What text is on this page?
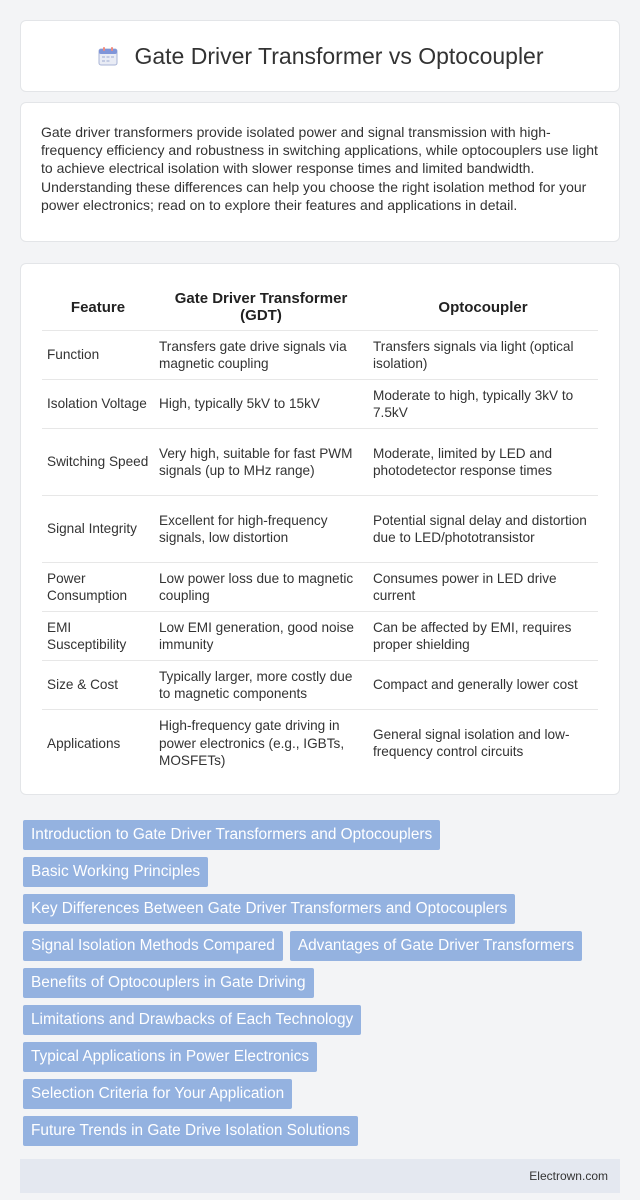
Gate Driver Transformer vs Optocoupler

Gate driver transformers provide isolated power and signal transmission with high-frequency efficiency and robustness in switching applications, while optocouplers use light to achieve electrical isolation with slower response times and limited bandwidth. Understanding these differences can help you choose the right isolation method for your power electronics; read on to explore their features and applications in detail.

Feature	Gate Driver Transformer (GDT)	Optocoupler
Function	Transfers gate drive signals via magnetic coupling	Transfers signals via light (optical isolation)
Isolation Voltage	High, typically 5kV to 15kV	Moderate to high, typically 3kV to 7.5kV
Switching Speed	Very high, suitable for fast PWM signals (up to MHz range)	Moderate, limited by LED and photodetector response times
Signal Integrity	Excellent for high-frequency signals, low distortion	Potential signal delay and distortion due to LED/phototransistor
Power Consumption	Low power loss due to magnetic coupling	Consumes power in LED drive current
EMI Susceptibility	Low EMI generation, good noise immunity	Can be affected by EMI, requires proper shielding
Size & Cost	Typically larger, more costly due to magnetic components	Compact and generally lower cost
Applications	High-frequency gate driving in power electronics (e.g., IGBTs, MOSFETs)	General signal isolation and low-frequency control circuits
Introduction to Gate Driver Transformers and Optocouplers
Basic Working Principles
Key Differences Between Gate Driver Transformers and Optocouplers
Signal Isolation Methods Compared	Advantages of Gate Driver Transformers
Benefits of Optocouplers in Gate Driving
Limitations and Drawbacks of Each Technology
Typical Applications in Power Electronics
Selection Criteria for Your Application
Future Trends in Gate Drive Isolation Solutions
Electrown.com
